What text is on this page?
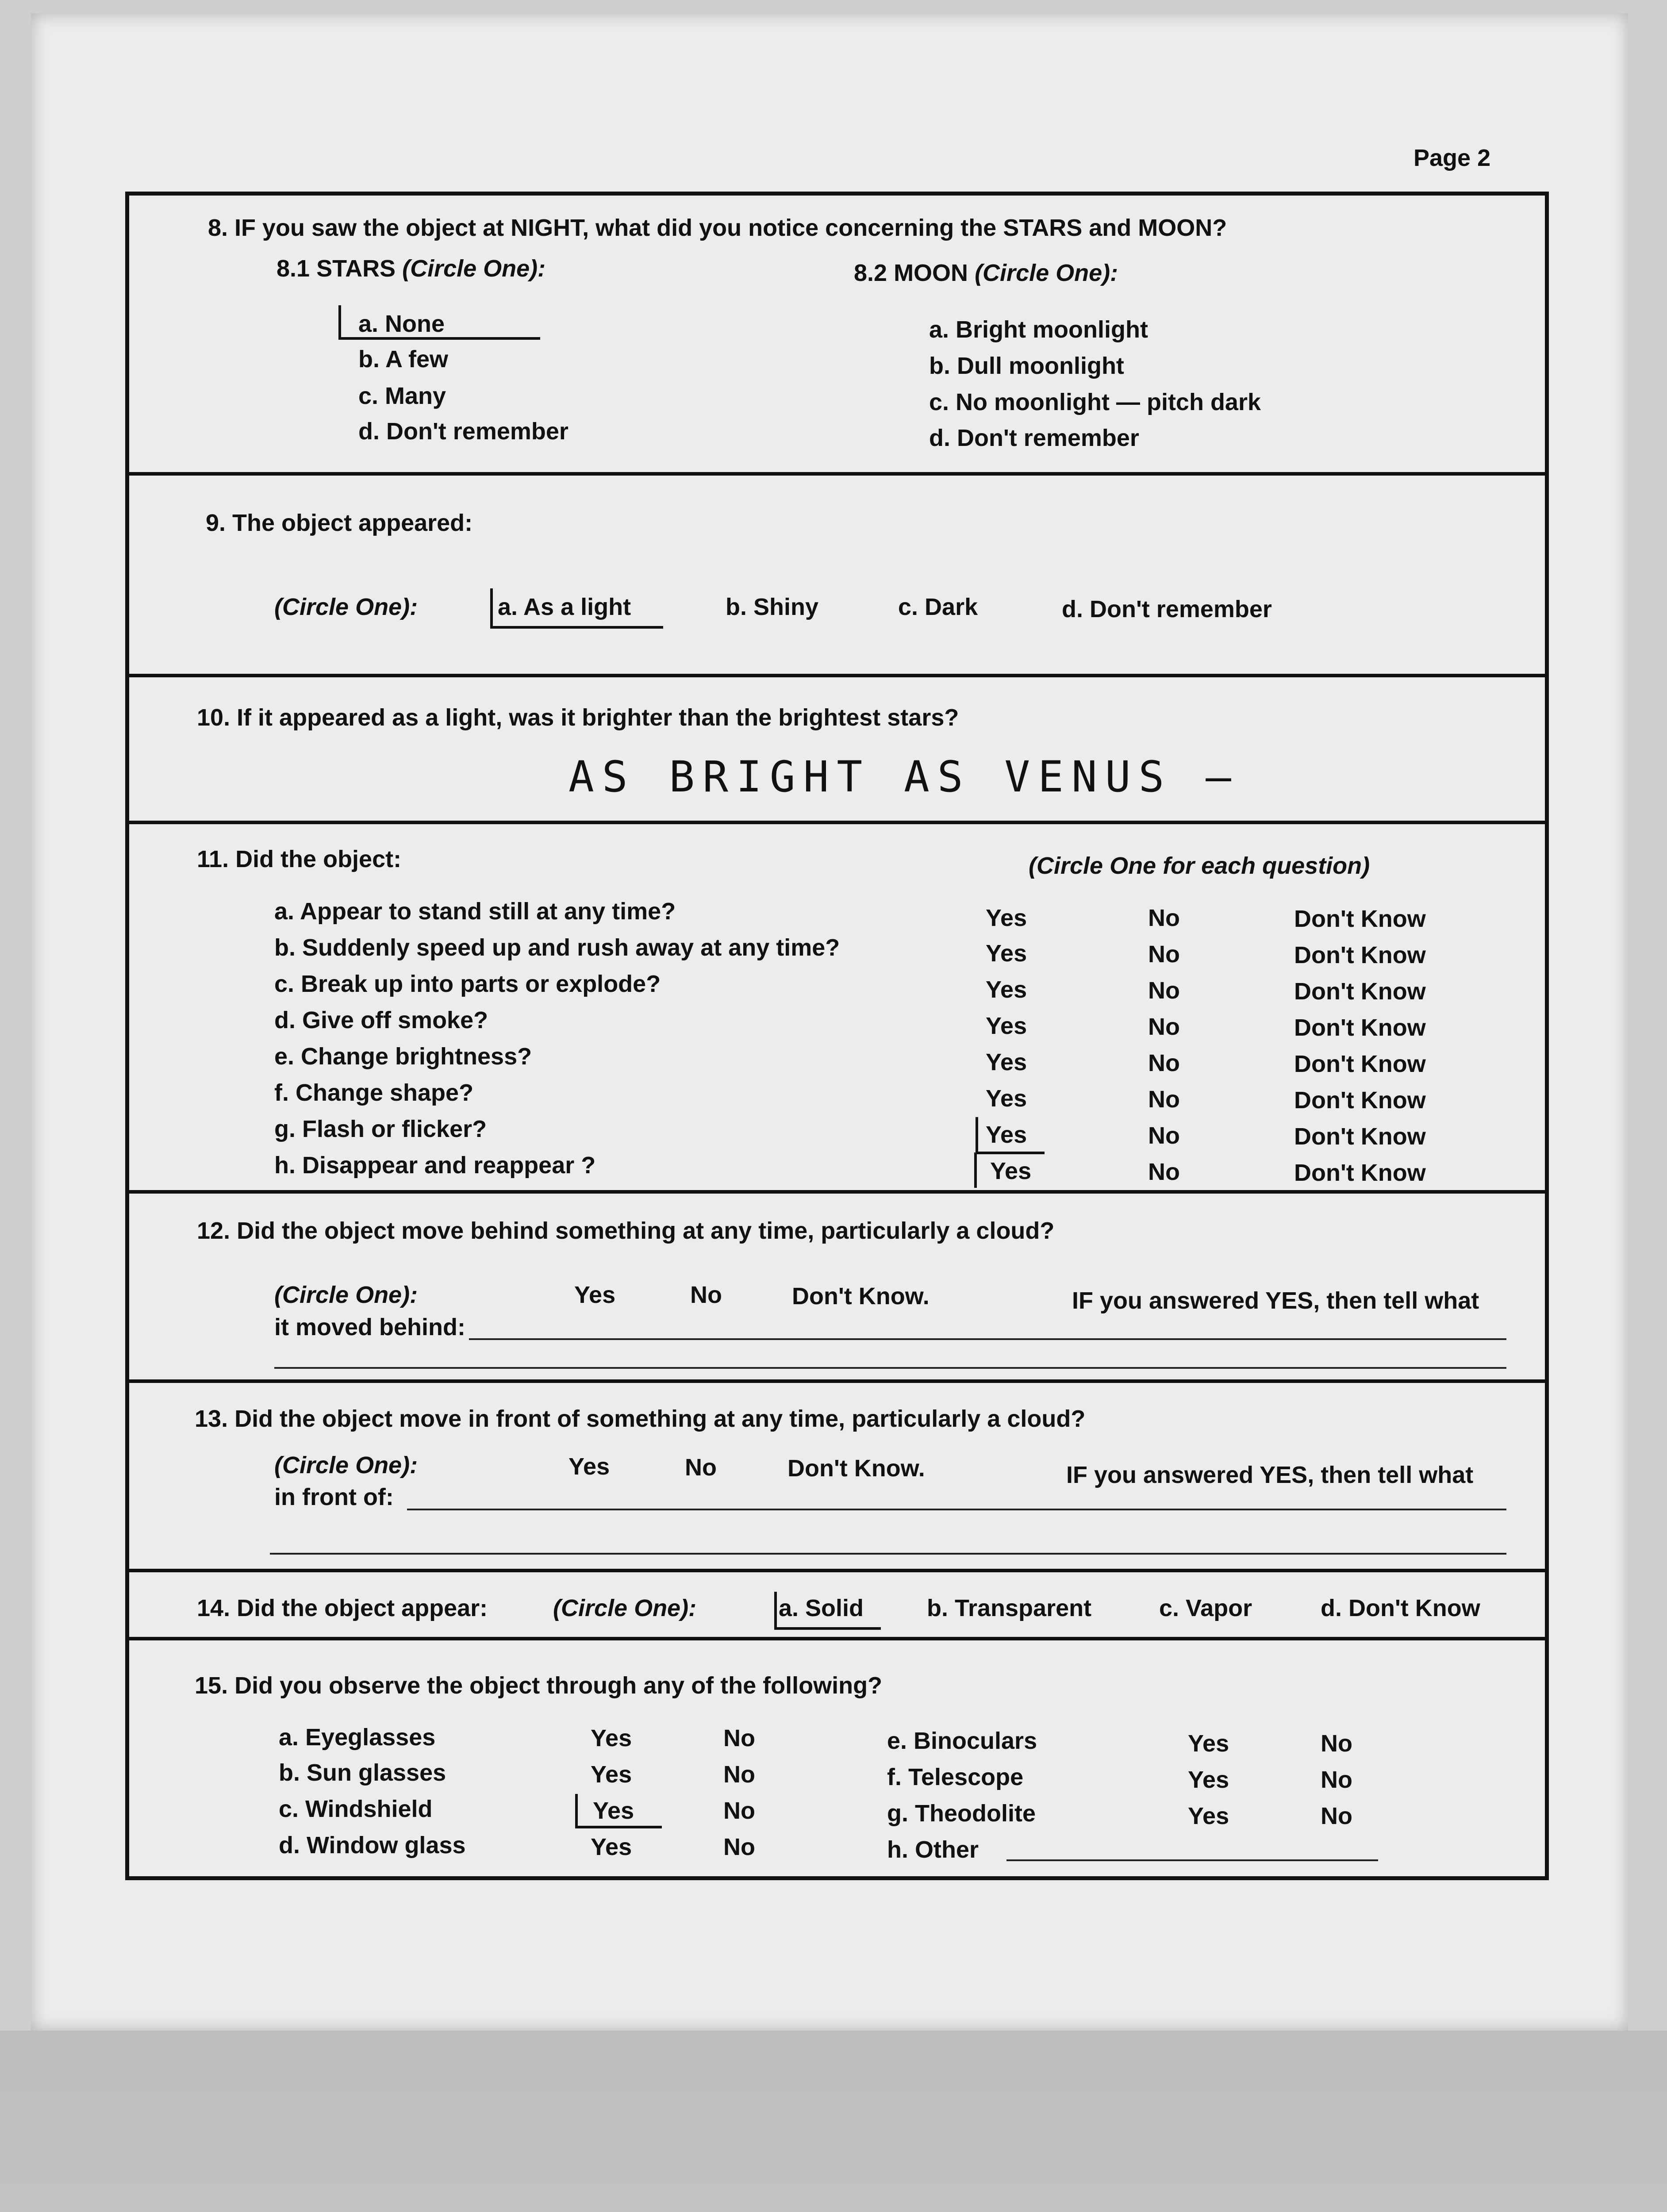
Page 2
8. IF you saw the object at NIGHT, what did you notice concerning the STARS and MOON?
8.1 STARS (Circle One):	8.2 MOON (Circle One):
a. None
b. A few
c. Many
d. Don't remember
a. Bright moonlight
b. Dull moonlight
c. No moonlight — pitch dark
d. Don't remember
9. The object appeared:
(Circle One):	a. As a light	b. Shiny	c. Dark	d. Don't remember
10. If it appeared as a light, was it brighter than the brightest stars?
AS BRIGHT AS VENUS —
11. Did the object:	(Circle One for each question)
a. Appear to stand still at any time?	Yes	No	Don't Know
b. Suddenly speed up and rush away at any time?	Yes	No	Don't Know
c. Break up into parts or explode?	Yes	No	Don't Know
d. Give off smoke?	Yes	No	Don't Know
e. Change brightness?	Yes	No	Don't Know
f. Change shape?	Yes	No	Don't Know
g. Flash or flicker?	Yes	No	Don't Know
h. Disappear and reappear ?	Yes	No	Don't Know
12. Did the object move behind something at any time, particularly a cloud?
(Circle One):	Yes	No	Don't Know.	IF you answered YES, then tell what
it moved behind:
13. Did the object move in front of something at any time, particularly a cloud?
(Circle One):	Yes	No	Don't Know.	IF you answered YES, then tell what
in front of:
14. Did the object appear:	(Circle One):	a. Solid	b. Transparent	c. Vapor	d. Don't Know
15. Did you observe the object through any of the following?
a. Eyeglasses	Yes	No
b. Sun glasses	Yes	No
c. Windshield	Yes	No
d. Window glass	Yes	No
e. Binoculars	Yes	No
f. Telescope	Yes	No
g. Theodolite	Yes	No
h. Other
